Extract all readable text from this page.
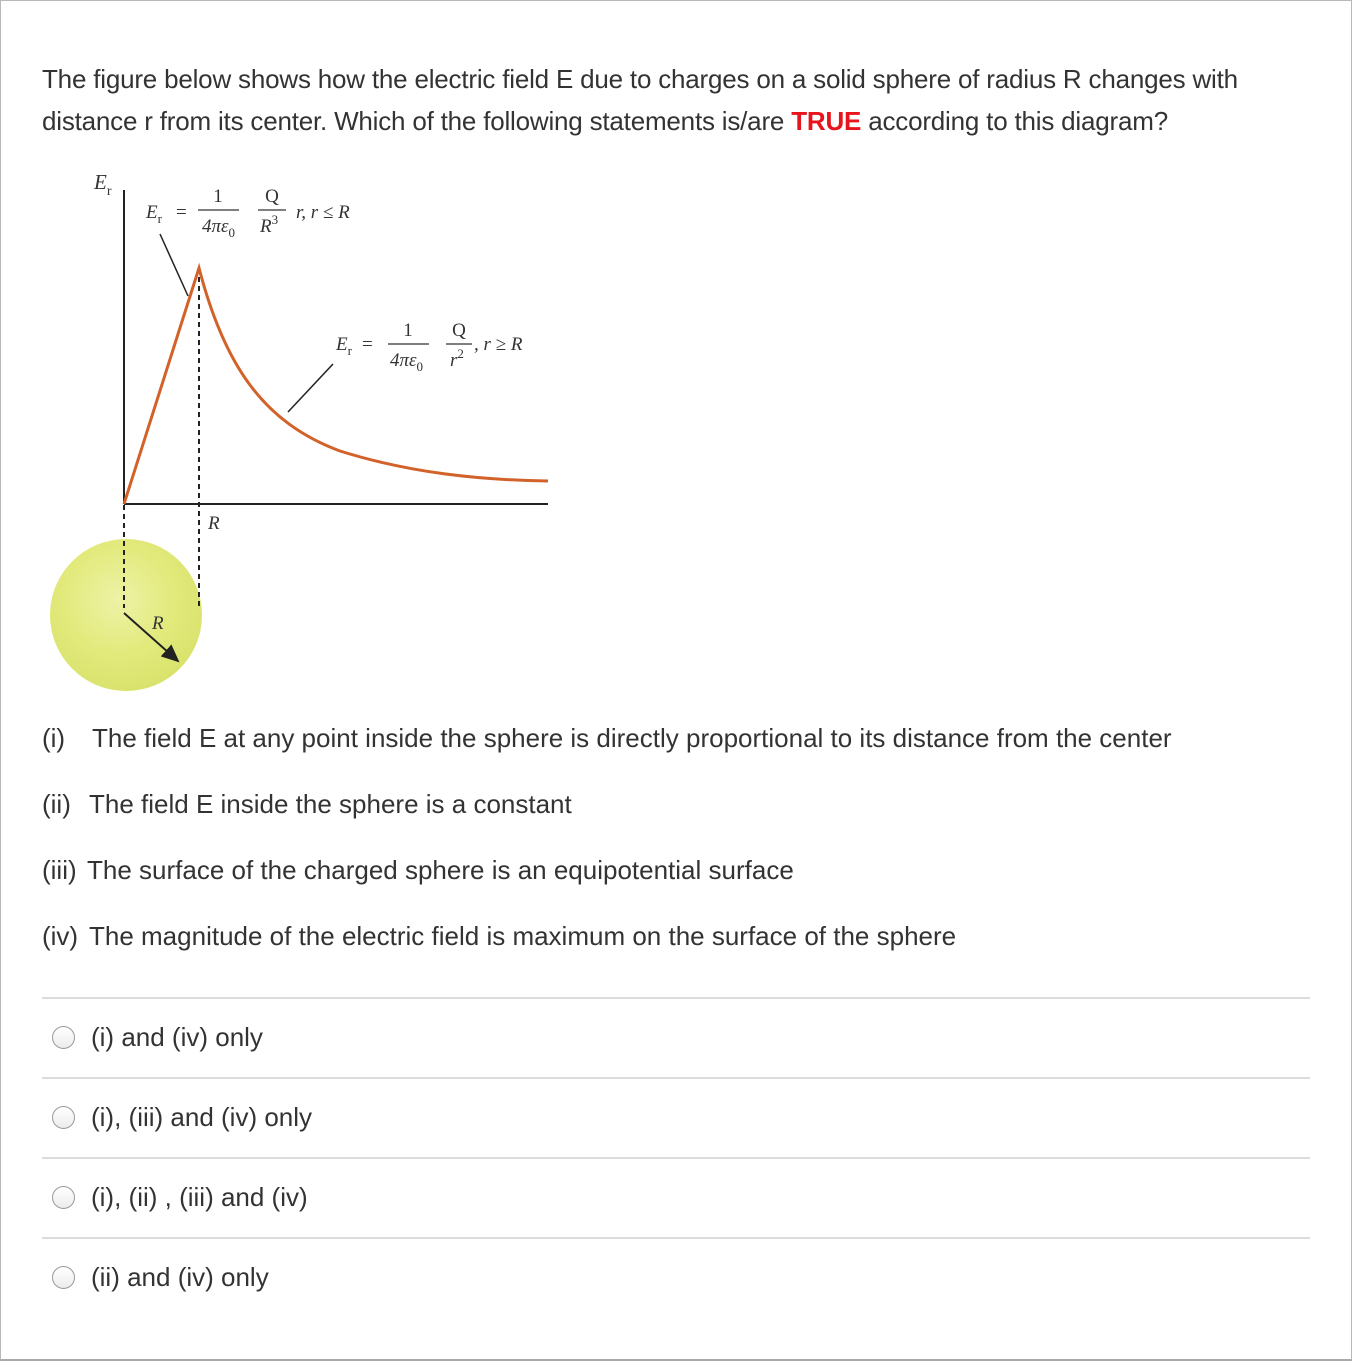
The figure below shows how the electric field E due to charges on a solid sphere of radius R changes with distance r from its center. Which of the following statements is/are TRUE according to this diagram?
R
$E_r$
R
$E_r$ =
1
$4\pi\varepsilon_0$
Q
$R^3$ r, r ≤ R
$E_r$ =
1
$4\pi\varepsilon_0$
Q
$r^2$ , r ≥ R
(i) The field E at any point inside the sphere is directly proportional to its distance from the center
(ii) The field E inside the sphere is a constant
(iii) The surface of the charged sphere is an equipotential surface
(iv) The magnitude of the electric field is maximum on the surface of the sphere
(i) and (iv) only
(i), (iii) and (iv) only
(i), (ii) , (iii) and (iv)
(ii) and (iv) only
